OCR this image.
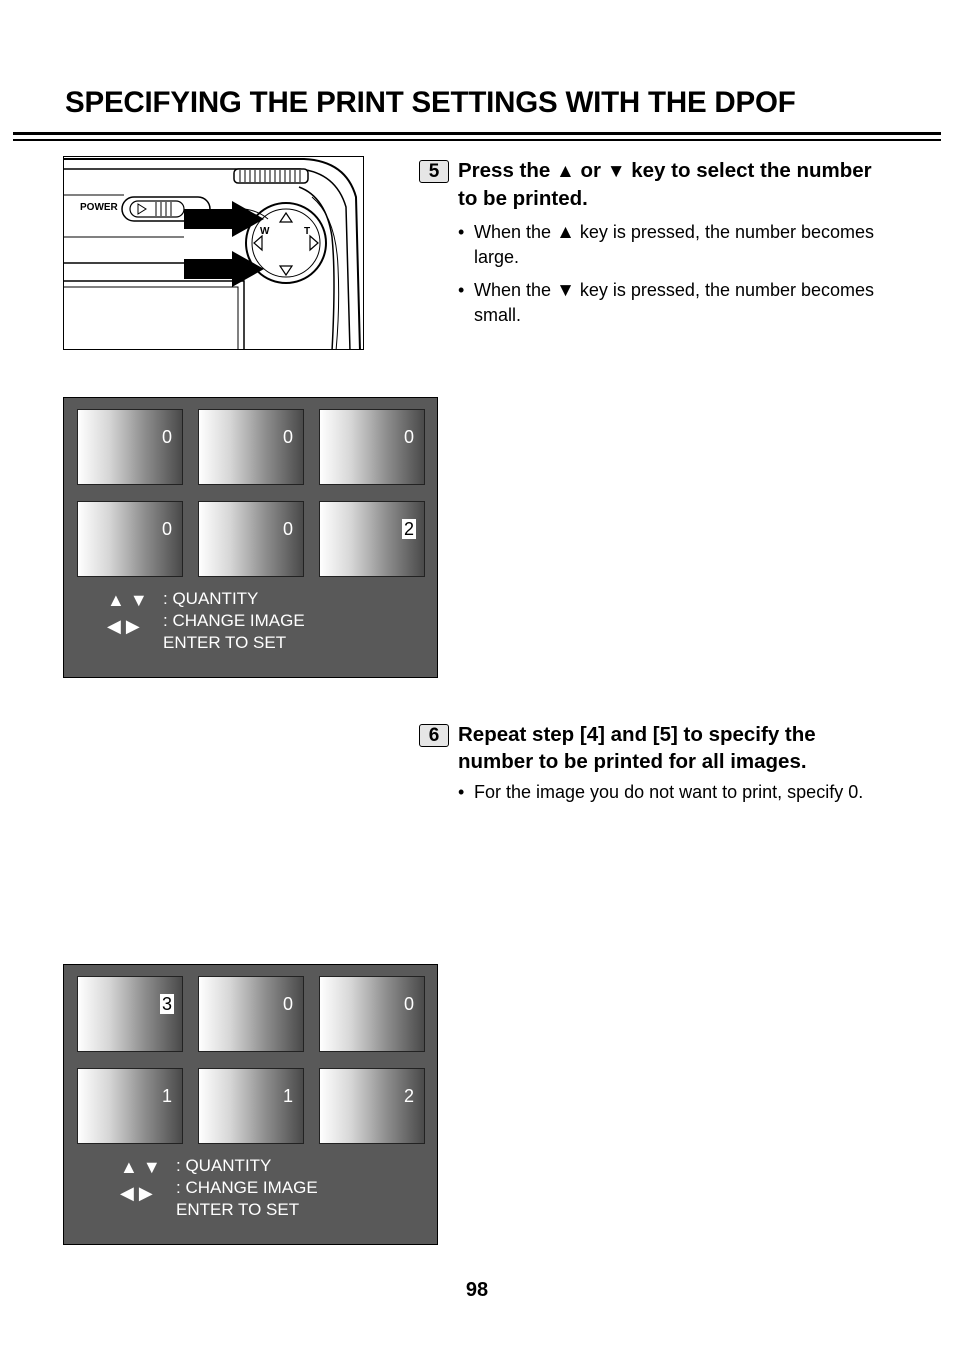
SPECIFYING THE PRINT SETTINGS WITH THE DPOF
POWER
W	T
5 Press the ▲ or ▼ key to select the number to be printed.
• When the ▲ key is pressed, the number becomes large.
• When the ▼ key is pressed, the number becomes small.
0	0	0
0	0	2
▲ ▼
◀ ▶
: QUANTITY
: CHANGE IMAGE
ENTER TO SET
6 Repeat step [4] and [5] to specify the number to be printed for all images.
• For the image you do not want to print, specify 0.
3	0	0
1	1	2
▲ ▼
◀ ▶
: QUANTITY
: CHANGE IMAGE
ENTER TO SET
98
